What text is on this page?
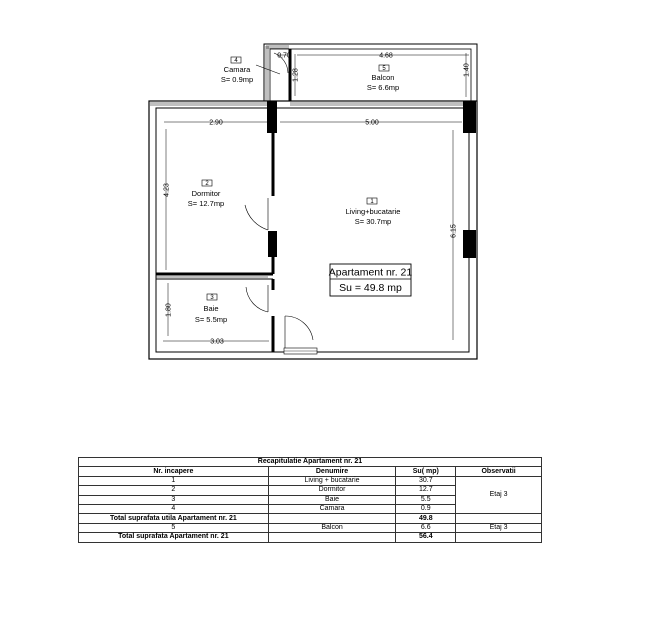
2.90	5.00
3.03
4.68
0.70
4.23
6.15
1.80
1.40
1.28
4
Camara
S= 0.9mp
5
Balcon
S= 6.6mp
2
Dormitor
S= 12.7mp	1
Living+bucatarie
S= 30.7mp
3
Baie
S= 5.5mp
Apartament nr. 21
Su = 49.8 mp
Recapitulatie Apartament nr. 21			
Nr. incapere	Denumire	Su( mp)	Observatii
1	Living + bucatarie	30.7	Etaj 3
2	Dormitor	12.7	
3	Baie	5.5	
4	Camara	0.9	
Total suprafata utila Apartament nr. 21		49.8	
5	Balcon	6.6	Etaj 3
Total suprafata Apartament nr. 21		56.4	
